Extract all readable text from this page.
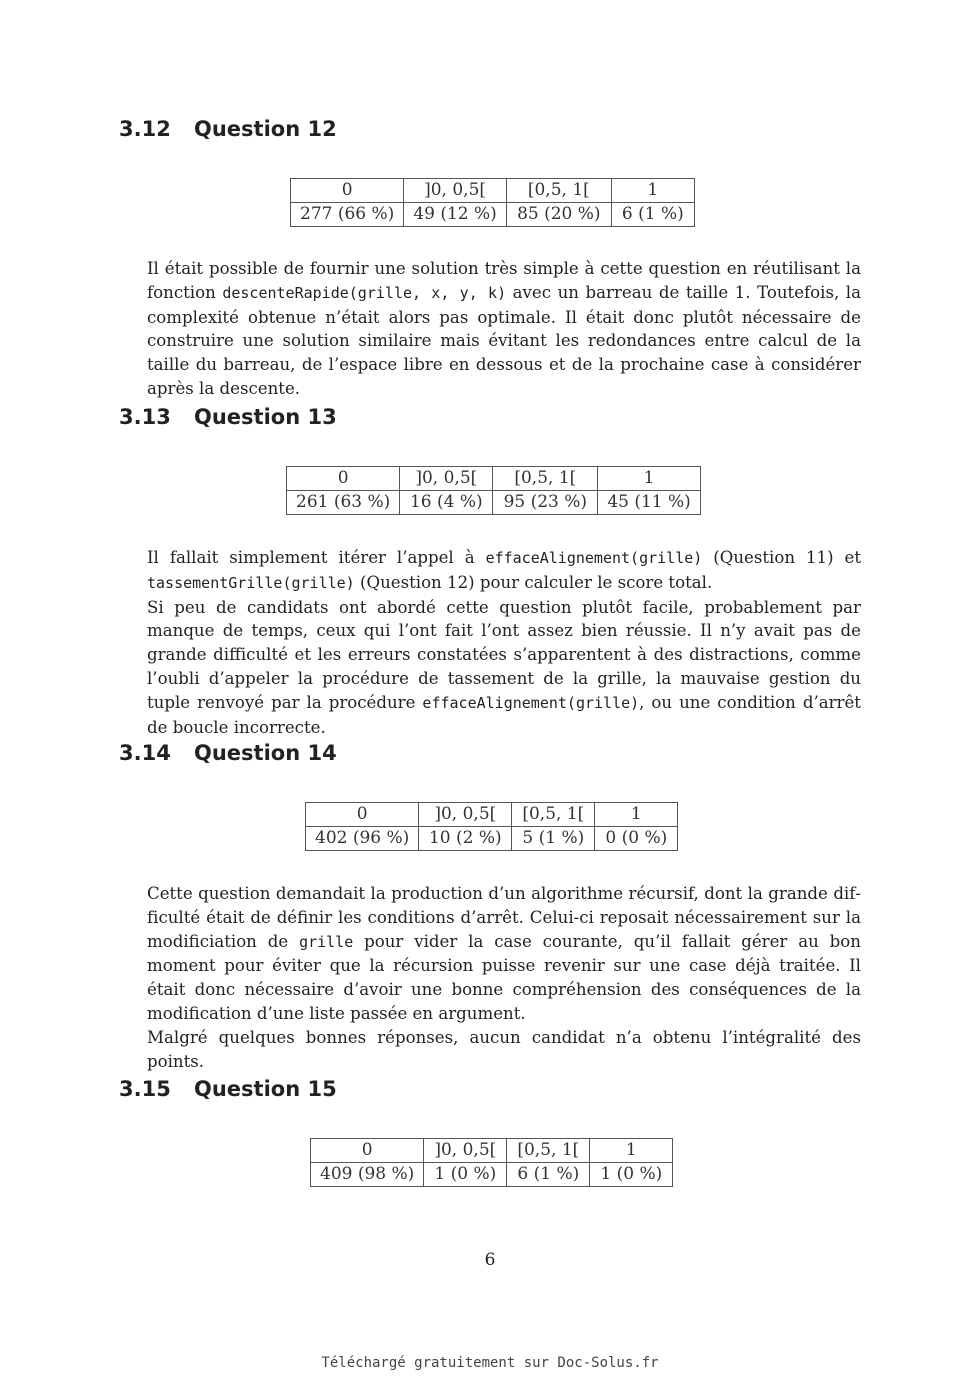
3.12 Question 12
0	]0, 0,5[	[0,5, 1[	1
277 (66 %)	49 (12 %)	85 (20 %)	6 (1 %)
Il était possible de fournir une solution très simple à cette question en réutilisant la fonction descenteRapide(grille, x, y, k) avec un barreau de taille 1. Toutefois, la complexité obtenue n’était alors pas optimale. Il était donc plutôt nécessaire de construire une solution similaire mais évitant les redondances entre calcul de la taille du barreau, de l’espace libre en dessous et de la prochaine case à considérer après la descente.
3.13 Question 13
0	]0, 0,5[	[0,5, 1[	1
261 (63 %)	16 (4 %)	95 (23 %)	45 (11 %)
Il fallait simplement itérer l’appel à effaceAlignement(grille) (Question 11) et tassementGrille(grille) (Question 12) pour calculer le score total.
Si peu de candidats ont abordé cette question plutôt facile, probablement par manque de temps, ceux qui l’ont fait l’ont assez bien réussie. Il n’y avait pas de grande difficulté et les erreurs constatées s’apparentent à des distractions, comme l’oubli d’appeler la procédure de tassement de la grille, la mauvaise gestion du tuple renvoyé par la procédure effaceAlignement(grille), ou une condition d’arrêt de boucle incorrecte.
3.14 Question 14
0	]0, 0,5[	[0,5, 1[	1
402 (96 %)	10 (2 %)	5 (1 %)	0 (0 %)
Cette question demandait la production d’un algorithme récursif, dont la grande difficulté était de définir les conditions d’arrêt. Celui-ci reposait nécessairement sur la modificiation de grille pour vider la case courante, qu’il fallait gérer au bon moment pour éviter que la récursion puisse revenir sur une case déjà traitée. Il était donc nécessaire d’avoir une bonne compréhension des conséquences de la modification d’une liste passée en argument.
Malgré quelques bonnes réponses, aucun candidat n’a obtenu l’intégralité des points.
3.15 Question 15
0	]0, 0,5[	[0,5, 1[	1
409 (98 %)	1 (0 %)	6 (1 %)	1 (0 %)
6
Téléchargé gratuitement sur Doc-Solus.fr
